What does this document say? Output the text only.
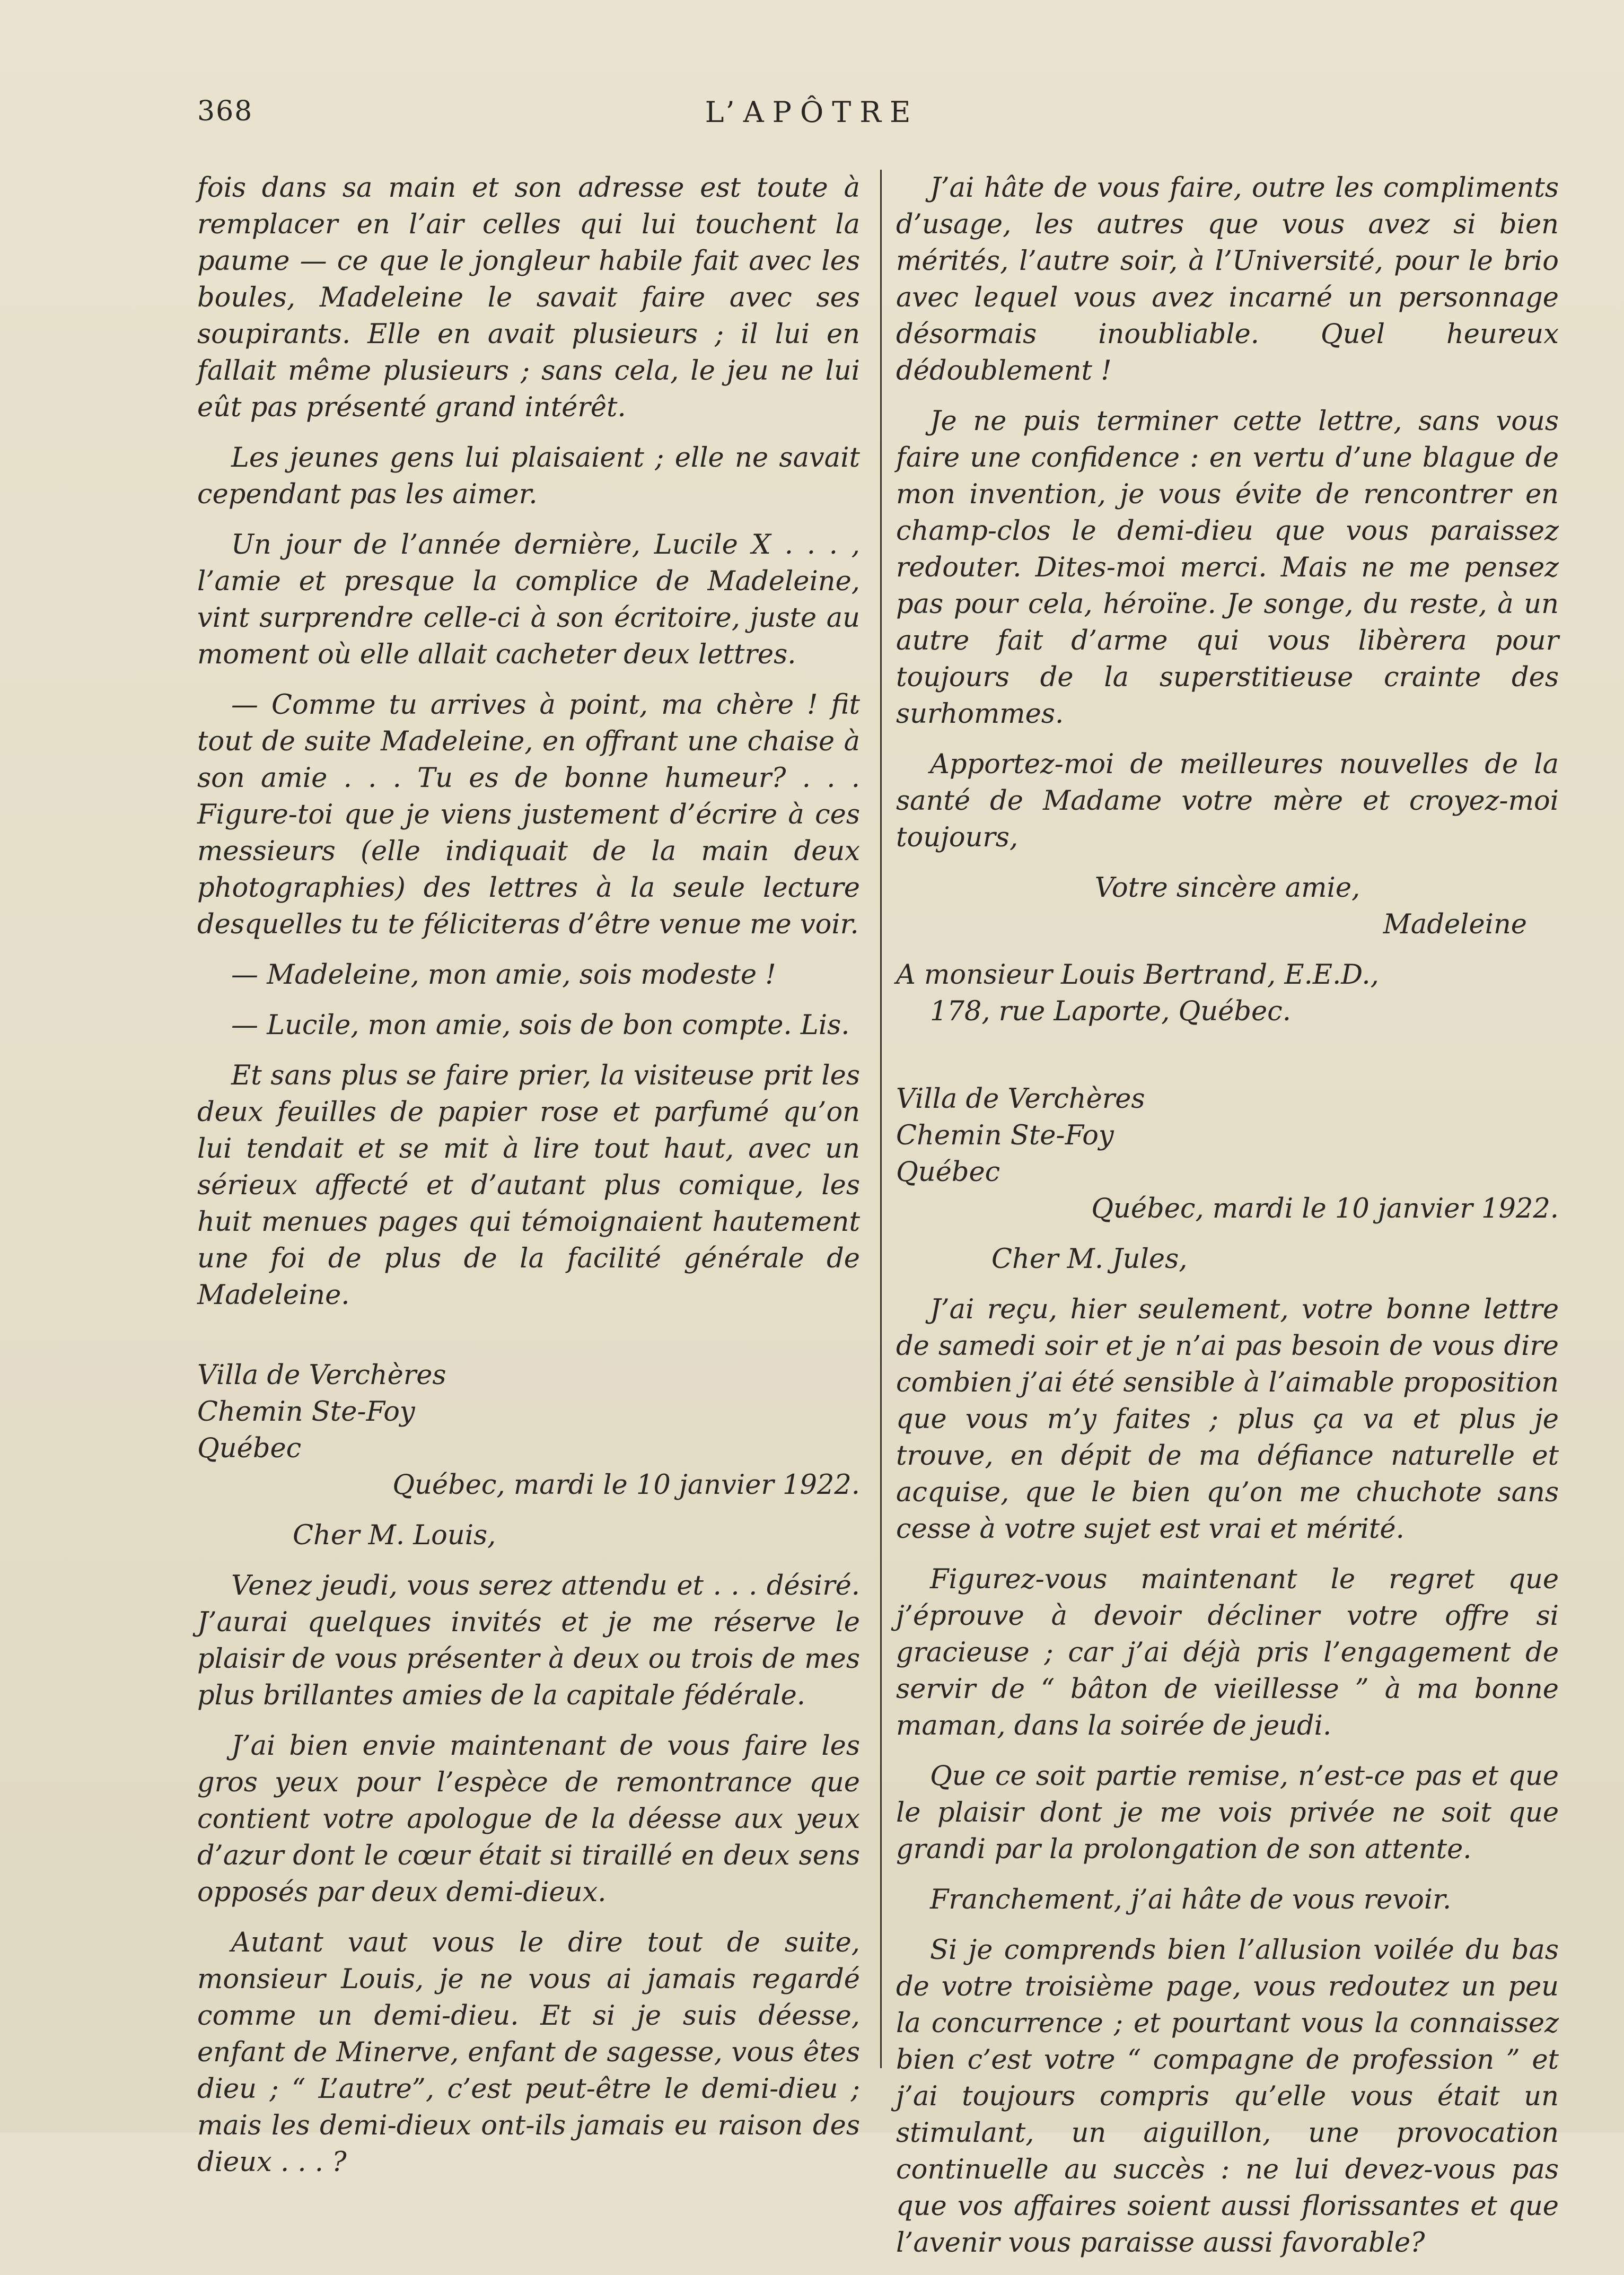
368	L’APÔTRE

fois dans sa main et son adresse est toute à remplacer en l’air celles qui lui touchent la paume — ce que le jongleur habile fait avec les boules, Madeleine le savait faire avec ses soupirants. Elle en avait plusieurs ; il lui en fallait même plusieurs ; sans cela, le jeu ne lui eût pas présenté grand intérêt.

Les jeunes gens lui plaisaient ; elle ne savait cependant pas les aimer.

Un jour de l’année dernière, Lucile X . . . , l’amie et presque la complice de Madeleine, vint surprendre celle-ci à son écritoire, juste au moment où elle allait cacheter deux lettres.

— Comme tu arrives à point, ma chère ! fit tout de suite Madeleine, en offrant une chaise à son amie . . . Tu es de bonne humeur? . . . Figure-toi que je viens justement d’écrire à ces messieurs (elle indiquait de la main deux photographies) des lettres à la seule lecture desquelles tu te féliciteras d’être venue me voir.

— Madeleine, mon amie, sois modeste !

— Lucile, mon amie, sois de bon compte. Lis.

Et sans plus se faire prier, la visiteuse prit les deux feuilles de papier rose et parfumé qu’on lui tendait et se mit à lire tout haut, avec un sérieux affecté et d’autant plus comique, les huit menues pages qui témoignaient hautement une foi de plus de la facilité générale de Madeleine.

Villa de Verchères

Chemin Ste-Foy

Québec

Québec, mardi le 10 janvier 1922.

Cher M. Louis,

Venez jeudi, vous serez attendu et . . . désiré. J’aurai quelques invités et je me réserve le plaisir de vous présenter à deux ou trois de mes plus brillantes amies de la capitale fédérale.

J’ai bien envie maintenant de vous faire les gros yeux pour l’espèce de remontrance que contient votre apologue de la déesse aux yeux d’azur dont le cœur était si tiraillé en deux sens opposés par deux demi-dieux.

Autant vaut vous le dire tout de suite, monsieur Louis, je ne vous ai jamais regardé comme un demi-dieu. Et si je suis déesse, enfant de Minerve, enfant de sagesse, vous êtes dieu ; “ L’autre”, c’est peut-être le demi-dieu ; mais les demi-dieux ont-ils jamais eu raison des dieux . . . ?

J’ai hâte de vous faire, outre les compliments d’usage, les autres que vous avez si bien mérités, l’autre soir, à l’Université, pour le brio avec lequel vous avez incarné un personnage désormais inoubliable. Quel heureux dédoublement !

Je ne puis terminer cette lettre, sans vous faire une confidence : en vertu d’une blague de mon invention, je vous évite de rencontrer en champ-clos le demi-dieu que vous paraissez redouter. Dites-moi merci. Mais ne me pensez pas pour cela, héroïne. Je songe, du reste, à un autre fait d’arme qui vous libèrera pour toujours de la superstitieuse crainte des surhommes.

Apportez-moi de meilleures nouvelles de la santé de Madame votre mère et croyez-moi toujours,

Votre sincère amie,

Madeleine

A monsieur Louis Bertrand, E.E.D.,

178, rue Laporte, Québec.

Villa de Verchères

Chemin Ste-Foy

Québec

Québec, mardi le 10 janvier 1922.

Cher M. Jules,

J’ai reçu, hier seulement, votre bonne lettre de samedi soir et je n’ai pas besoin de vous dire combien j’ai été sensible à l’aimable proposition que vous m’y faites ; plus ça va et plus je trouve, en dépit de ma défiance naturelle et acquise, que le bien qu’on me chuchote sans cesse à votre sujet est vrai et mérité.

Figurez-vous maintenant le regret que j’éprouve à devoir décliner votre offre si gracieuse ; car j’ai déjà pris l’engagement de servir de “ bâton de vieillesse ” à ma bonne maman, dans la soirée de jeudi.

Que ce soit partie remise, n’est-ce pas et que le plaisir dont je me vois privée ne soit que grandi par la prolongation de son attente.

Franchement, j’ai hâte de vous revoir.

Si je comprends bien l’allusion voilée du bas de votre troisième page, vous redoutez un peu la concurrence ; et pourtant vous la connaissez bien c’est votre “ compagne de profession ” et j’ai toujours compris qu’elle vous était un stimulant, un aiguillon, une provocation continuelle au succès : ne lui devez-vous pas que vos affaires soient aussi florissantes et que l’avenir vous paraisse aussi favorable?
